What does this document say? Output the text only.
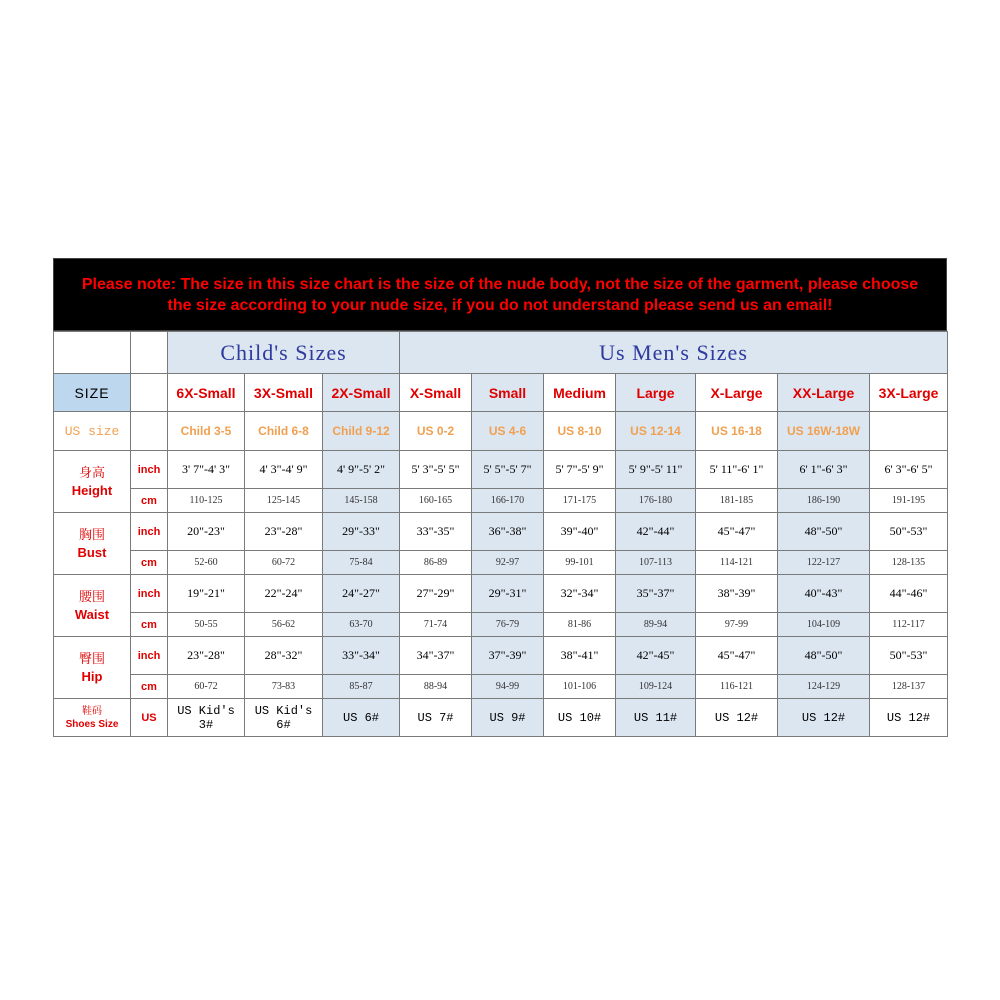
Please note: The size in this size chart is the size of the nude body, not the size of the garment, please choose
the size according to your nude size, if you do not understand please send us an email!
		Child's Sizes			Us Men's Sizes						
SIZE		6X-Small	3X-Small	2X-Small	X-Small	Small	Medium	Large	X-Large	XX-Large	3X-Large
US size		Child 3-5	Child 6-8	Child 9-12	US 0-2	US 4-6	US 8-10	US 12-14	US 16-18	US 16W-18W	

身高
Height	inch	3' 7"-4' 3"	4' 3"-4' 9"	4' 9"-5' 2"	5' 3"-5' 5"	5' 5"-5' 7"	5' 7"-5' 9"	5' 9"-5' 11"	5' 11"-6' 1"	6' 1"-6' 3"	6' 3"-6' 5"
	cm	110-125	125-145	145-158	160-165	166-170	171-175	176-180	181-185	186-190	191-195

胸围
Bust	inch	20"-23"	23"-28"	29"-33"	33"-35"	36"-38"	39"-40"	42"-44"	45"-47"	48"-50"	50"-53"
	cm	52-60	60-72	75-84	86-89	92-97	99-101	107-113	114-121	122-127	128-135

腰围
Waist	inch	19"-21"	22"-24"	24"-27"	27"-29"	29"-31"	32"-34"	35"-37"	38"-39"	40"-43"	44"-46"
	cm	50-55	56-62	63-70	71-74	76-79	81-86	89-94	97-99	104-109	112-117

臀围
Hip	inch	23"-28"	28"-32"	33"-34"	34"-37"	37"-39"	38"-41"	42"-45"	45"-47"	48"-50"	50"-53"
	cm	60-72	73-83	85-87	88-94	94-99	101-106	109-124	116-121	124-129	128-137

鞋码
Shoes Size	US	US Kid's 3#	US Kid's 6#	US 6#	US 7#	US 9#	US 10#	US 11#	US 12#	US 12#	US 12#
